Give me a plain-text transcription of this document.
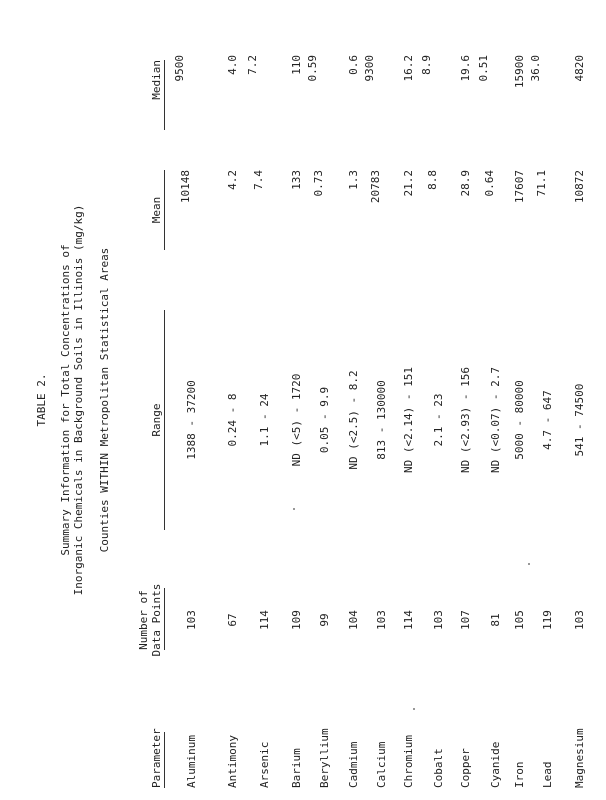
TABLE 2. Summary Information for Total Concentrations of Inorganic Chemicals in Background Soils in Illinois (mg/kg) Counties WITHIN Metropolitan Statistical Areas
Parameter
Number of Data Points
Range
Mean
Median
Aluminum
103
1388 - 37200
10148
9500
Antimony
67
0.24 - 8
4.2
4.0
Arsenic
114
1.1 - 24
7.4
7.2
Barium
109
ND (<5) - 1720
133
110
Beryllium
99
0.05 - 9.9
0.73
0.59
Cadmium
104
ND (<2.5) - 8.2
1.3
0.6
Calcium
103
813 - 130000
20783
9300
Chromium
114
ND (<2.14) - 151
21.2
16.2
Cobalt
103
2.1 - 23
8.8
8.9
Copper
107
ND (<2.93) - 156
28.9
19.6
Cyanide
81
ND (<0.07) - 2.7
0.64
0.51
Iron
105
5000 - 80000
17607
15900
Lead
119
4.7 - 647
71.1
36.0
Magnesium
103
541 - 74500
10872
4820
